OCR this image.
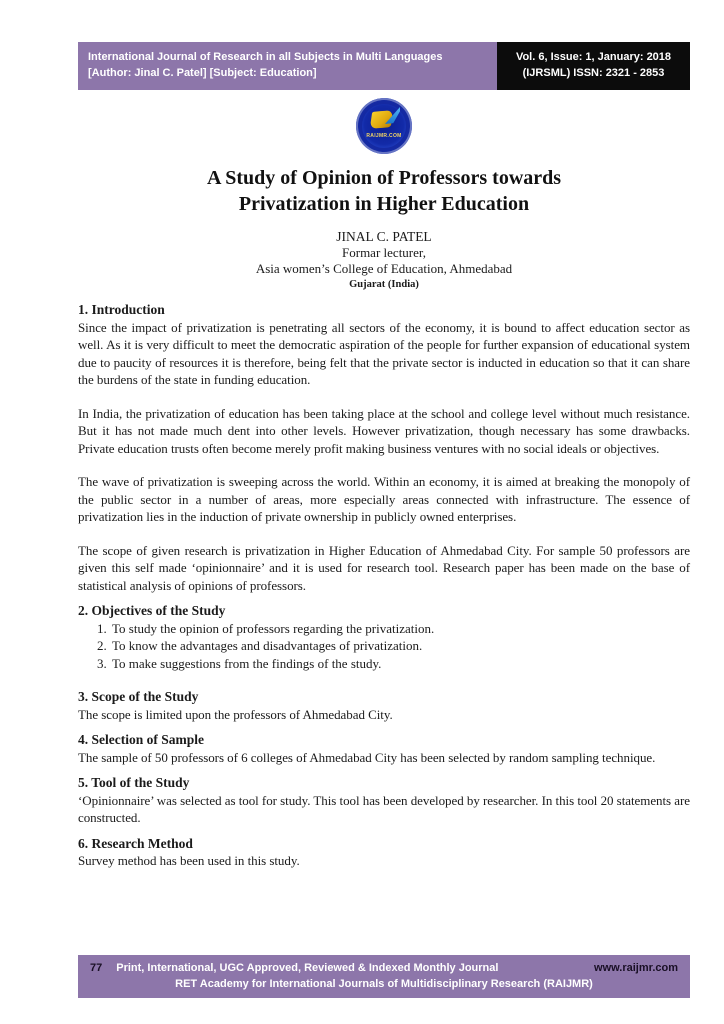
International Journal of Research in all Subjects in Multi Languages
[Author: Jinal C. Patel] [Subject: Education]
Vol. 6, Issue: 1, January: 2018
(IJRSML) ISSN: 2321 - 2853
RAIJMR.COM
A Study of Opinion of Professors towards
Privatization in Higher Education
JINAL C. PATEL
Formar lecturer,
Asia women’s College of Education, Ahmedabad
Gujarat (India)
1. Introduction

Since the impact of privatization is penetrating all sectors of the economy, it is bound to affect education sector as well. As it is very difficult to meet the democratic aspiration of the people for further expansion of educational system due to paucity of resources it is therefore, being felt that the private sector is inducted in education so that it can share the burdens of the state in funding education.

In India, the privatization of education has been taking place at the school and college level without much resistance. But it has not made much dent into other levels. However privatization, though necessary has some drawbacks. Private education trusts often become merely profit making business ventures with no social ideals or objectives.

The wave of privatization is sweeping across the world. Within an economy, it is aimed at breaking the monopoly of the public sector in a number of areas, more especially areas connected with infrastructure. The essence of privatization lies in the induction of private ownership in publicly owned enterprises.

The scope of given research is privatization in Higher Education of Ahmedabad City. For sample 50 professors are given this self made ‘opinionnaire’ and it is used for research tool. Research paper has been made on the base of statistical analysis of opinions of professors.

2. Objectives of the Study
1. To study the opinion of professors regarding the privatization.
2. To know the advantages and disadvantages of privatization.
3. To make suggestions from the findings of the study.
3. Scope of the Study

The scope is limited upon the professors of Ahmedabad City.

4. Selection of Sample

The sample of 50 professors of 6 colleges of Ahmedabad City has been selected by random sampling technique.

5. Tool of the Study

‘Opinionnaire’ was selected as tool for study. This tool has been developed by researcher. In this tool 20 statements are constructed.

6. Research Method

Survey method has been used in this study.

77 Print, International, UGC Approved, Reviewed & Indexed Monthly Journal	www.raijmr.com
RET Academy for International Journals of Multidisciplinary Research (RAIJMR)
